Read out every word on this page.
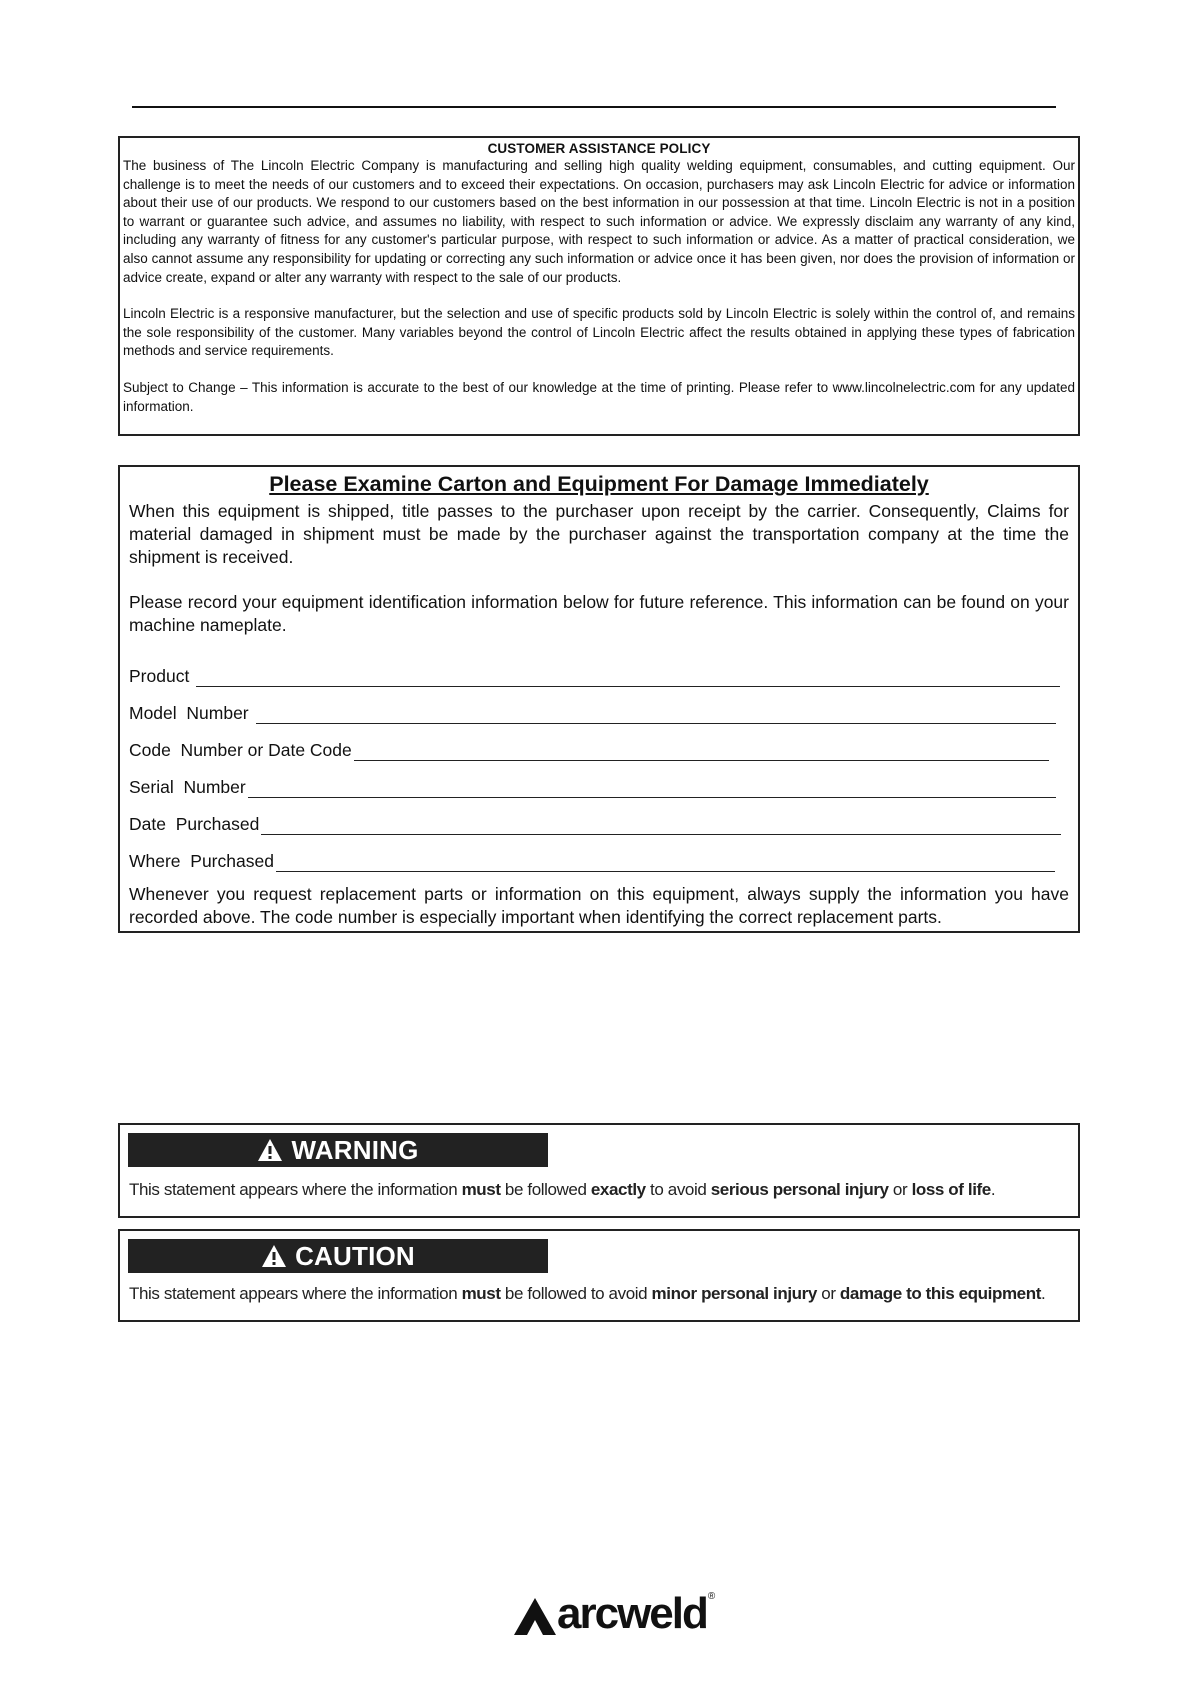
CUSTOMER ASSISTANCE POLICY

The business of The Lincoln Electric Company is manufacturing and selling high quality welding equipment, consumables, and cutting equipment. Our challenge is to meet the needs of our customers and to exceed their expectations. On occasion, purchasers may ask Lincoln Electric for advice or information about their use of our products. We respond to our customers based on the best information in our possession at that time. Lincoln Electric is not in a position to warrant or guarantee such advice, and assumes no liability, with respect to such information or advice. We expressly disclaim any warranty of any kind, including any warranty of fitness for any customer's particular purpose, with respect to such information or advice. As a matter of practical consideration, we also cannot assume any responsibility for updating or correcting any such information or advice once it has been given, nor does the provision of information or advice create, expand or alter any warranty with respect to the sale of our products.

Lincoln Electric is a responsive manufacturer, but the selection and use of specific products sold by Lincoln Electric is solely within the control of, and remains the sole responsibility of the customer. Many variables beyond the control of Lincoln Electric affect the results obtained in applying these types of fabrication methods and service requirements.

Subject to Change – This information is accurate to the best of our knowledge at the time of printing. Please refer to www.lincolnelectric.com for any updated information.

Please Examine Carton and Equipment For Damage Immediately

When this equipment is shipped, title passes to the purchaser upon receipt by the carrier. Consequently, Claims for material damaged in shipment must be made by the purchaser against the transportation company at the time the shipment is received.

Please record your equipment identification information below for future reference. This information can be found on your machine nameplate.

Product
Model  Number
Code  Number or Date Code
Serial  Number
Date  Purchased
Where  Purchased

Whenever you request replacement parts or information on this equipment, always supply the information you have recorded above. The code number is especially important when identifying the correct replacement parts.

WARNING
This statement appears where the information must be followed exactly to avoid serious personal injury or loss of life.
CAUTION
This statement appears where the information must be followed to avoid minor personal injury or damage to this equipment.
arcweld ®
